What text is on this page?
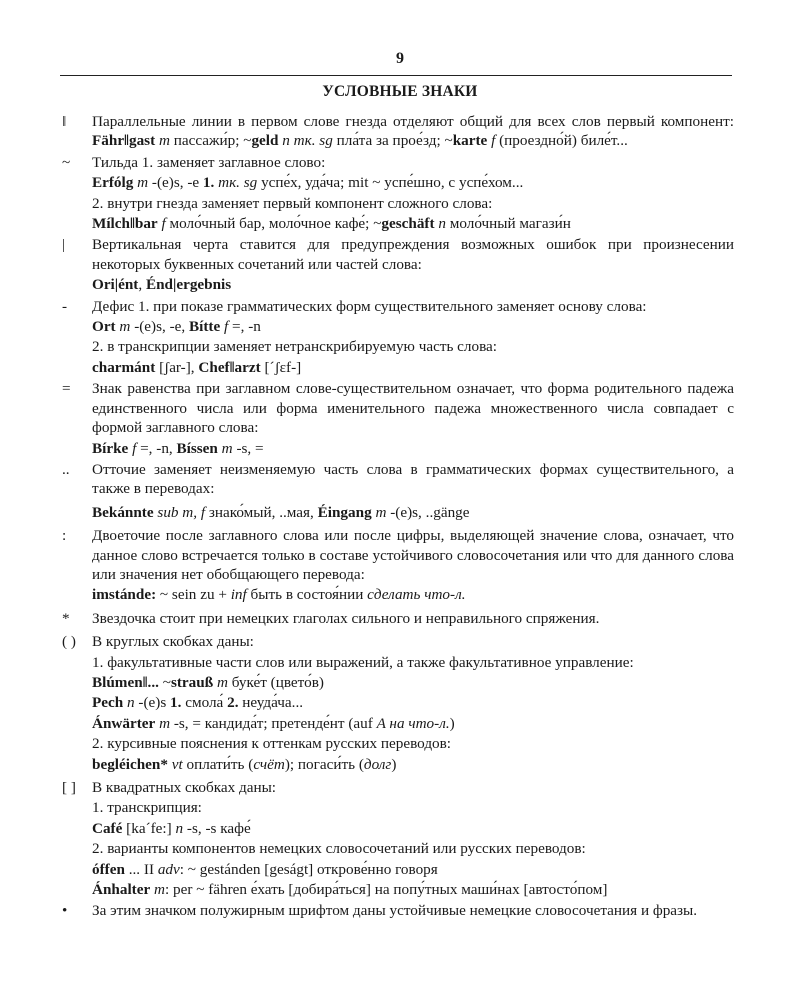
9
УСЛОВНЫЕ ЗНАКИ
‖	Параллельные линии в первом слове гнезда отделяют общий для всех слов первый компонент: Fähr‖gast m пассажи́р; ~geld n тк. sg пла́та за прое́зд; ~karte f (проездно́й) биле́т...
~	Тильда 1. заменяет заглавное слово:
Erfólg m -(e)s, -e 1. тк. sg успе́х, уда́ча; mit ~ успе́шно, с успе́хом...
2. внутри гнезда заменяет первый компонент сложного слова:
Mílch‖bar f моло́чный бар, моло́чное кафе́; ~geschäft n моло́чный магази́н
|	Вертикальная черта ставится для предупреждения возможных ошибок при произнесении некоторых буквенных сочетаний или частей слова:
Ori|ént, Énd|ergebnis
-	Дефис 1. при показе грамматических форм существительного заменяет основу слова:
Ort m -(e)s, -e, Bítte f =, -n
2. в транскрипции заменяет нетранскрибируемую часть слова:
charmánt [ʃar-], Chef‖arzt [ˊʃɛf-]
=	Знак равенства при заглавном слове-существительном означает, что форма родительного падежа единственного числа или форма именительного падежа множественного числа совпадает с формой заглавного слова:
Bírke f =, -n, Bíssen m -s, =
..	Отточие заменяет неизменяемую часть слова в грамматических формах существительного, а также в переводах:
Bekánnte sub m, f знако́мый, ..мая, Éingang m -(e)s, ..gänge
:	Двоеточие после заглавного слова или после цифры, выделяющей значение слова, означает, что данное слово встречается только в составе устойчивого словосочетания или что для данного слова или значения нет обобщающего перевода:
imstánde: ~ sein zu + inf быть в состоя́нии сделать что-л.
*	Звездочка стоит при немецких глаголах сильного и неправильного спряжения.
( )	В круглых скобках даны:
1. факультативные части слов или выражений, а также факультативное управление:
Blúmen‖... ~strauß m буке́т (цвето́в)
Pech n -(e)s 1. смола́ 2. неуда́ча...
Ánwärter m -s, = кандида́т; претенде́нт (auf A на что-л.)
2. курсивные пояснения к оттенкам русских переводов:
begléichen* vt оплати́ть (счёт); погаси́ть (долг)
[ ]	В квадратных скобках даны:
1. транскрипция:
Café [kaˊfe:] n -s, -s кафе́
2. варианты компонентов немецких словосочетаний или русских переводов:
óffen ... II adv: ~ gestánden [geságt] открове́нно говоря
Ánhalter m: per ~ fähren е́хать [добира́ться] на попу́тных маши́нах [автосто́пом]
•	За этим значком полужирным шрифтом даны устойчивые немецкие словосочетания и фразы.
